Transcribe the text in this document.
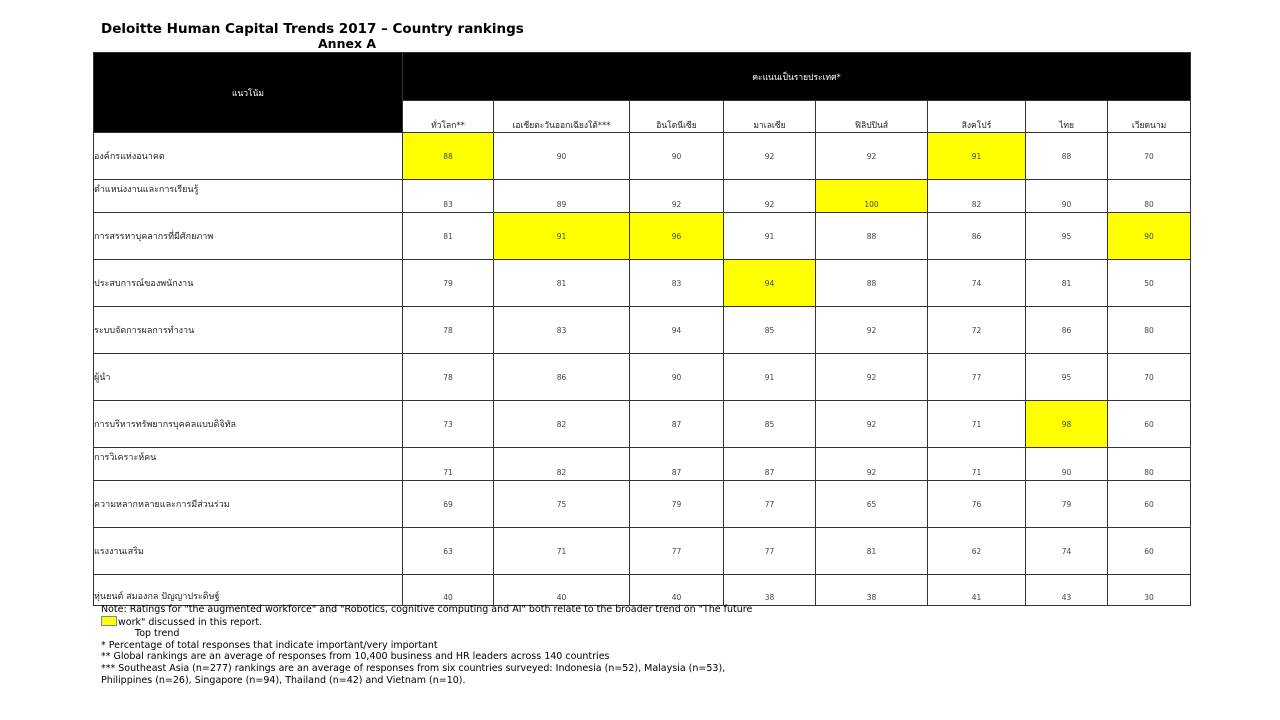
Deloitte Human Capital Trends 2017 – Country rankings
Annex A
แนวโน้ม	คะแนนเป็นรายประเทศ*							
	ทั่วโลก**	เอเชียตะวันออกเฉียงใต้***	อินโดนีเซีย	มาเลเซีย	ฟิลิปปินส์	สิงคโปร์	ไทย	เวียดนาม
องค์กรแห่งอนาคต	88	90	90	92	92	91	88	70
ตำแหน่งงานและการเรียนรู้	83	89	92	92	100	82	90	80
การสรรหาบุคลากรที่มีศักยภาพ	81	91	96	91	88	86	95	90
ประสบการณ์ของพนักงาน	79	81	83	94	88	74	81	50
ระบบจัดการผลการทำงาน	78	83	94	85	92	72	86	80
ผู้นำ	78	86	90	91	92	77	95	70
การบริหารทรัพยากรบุคคลแบบดิจิทัล	73	82	87	85	92	71	98	60
การวิเคราะห์คน	71	82	87	87	92	71	90	80
ความหลากหลายและการมีส่วนร่วม	69	75	79	77	65	76	79	60
แรงงานเสริม	63	71	77	77	81	62	74	60
หุ่นยนต์ สมองกล ปัญญาประดิษฐ์	40	40	40	38	38	41	43	30
Note: Ratings for "the augmented workforce" and "Robotics, cognitive computing and AI" both relate to the broader trend on "The future
work" discussed in this report.
Top trend
* Percentage of total responses that indicate important/very important
** Global rankings are an average of responses from 10,400 business and HR leaders across 140 countries
*** Southeast Asia (n=277) rankings are an average of responses from six countries surveyed: Indonesia (n=52), Malaysia (n=53),
Philippines (n=26), Singapore (n=94), Thailand (n=42) and Vietnam (n=10).
